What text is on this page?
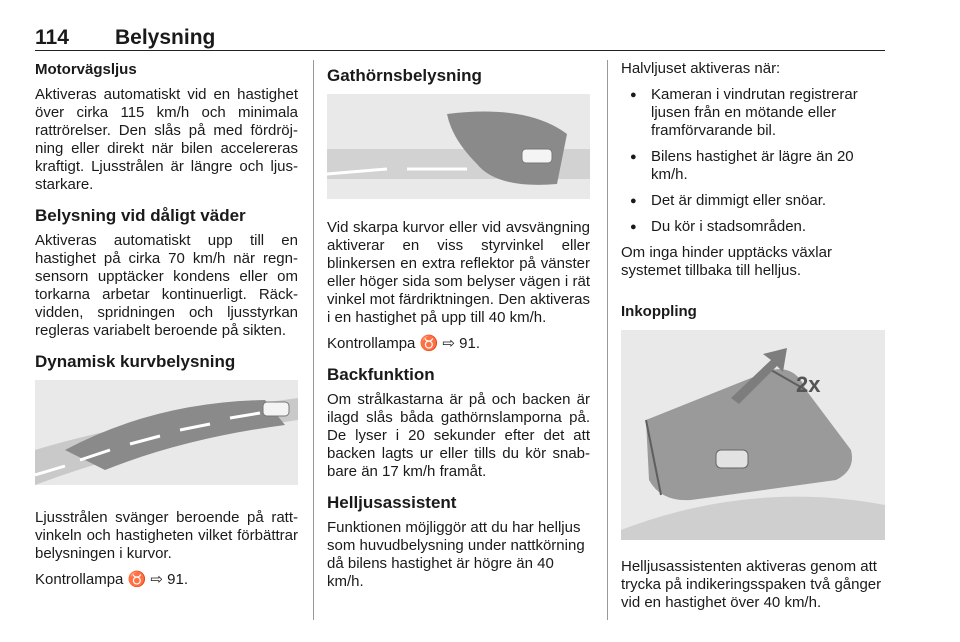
114 Belysning
Motorvägsljus

Aktiveras automatiskt vid en hastighet över cirka 115 km/h och minimala rattrörelser. Den slås på med fördröjning eller direkt när bilen accelereras kraftigt. Ljusstrålen är längre och ljusstarkare.

Belysning vid dåligt väder

Aktiveras automatiskt upp till en hastighet på cirka 70 km/h när regnsensorn upptäcker kondens eller om torkarna arbetar kontinuerligt. Räckvidden, spridningen och ljusstyrkan regleras variabelt beroende på sikten.

Dynamisk kurvbelysning

Ljusstrålen svänger beroende på rattvinkeln och hastigheten vilket förbättrar belysningen i kurvor.

Kontrollampa ♉ ⇨ 91.

Gathörnsbelysning

Vid skarpa kurvor eller vid avsvängning aktiverar en viss styrvinkel eller blinkersen en extra reflektor på vänster eller höger sida som belyser vägen i rät vinkel mot färdriktningen. Den aktiveras i en hastighet på upp till 40 km/h.

Kontrollampa ♉ ⇨ 91.

Backfunktion

Om strålkastarna är på och backen är ilagd slås båda gathörnslamporna på. De lyser i 20 sekunder efter det att backen lagts ur eller tills du kör snabbare än 17 km/h framåt.

Helljusassistent

Funktionen möjliggör att du har helljus som huvudbelysning under nattkörning då bilens hastighet är högre än 40 km/h.

Halvljuset aktiveras när:

● Kameran i vindrutan registrerar ljusen från en mötande eller framförvarande bil.
● Bilens hastighet är lägre än 20 km/h.
● Det är dimmigt eller snöar.
● Du kör i stadsområden.

Om inga hinder upptäcks växlar systemet tillbaka till helljus.

Inkoppling
2x

Helljusassistenten aktiveras genom att trycka på indikeringsspaken två gånger vid en hastighet över 40 km/h.
